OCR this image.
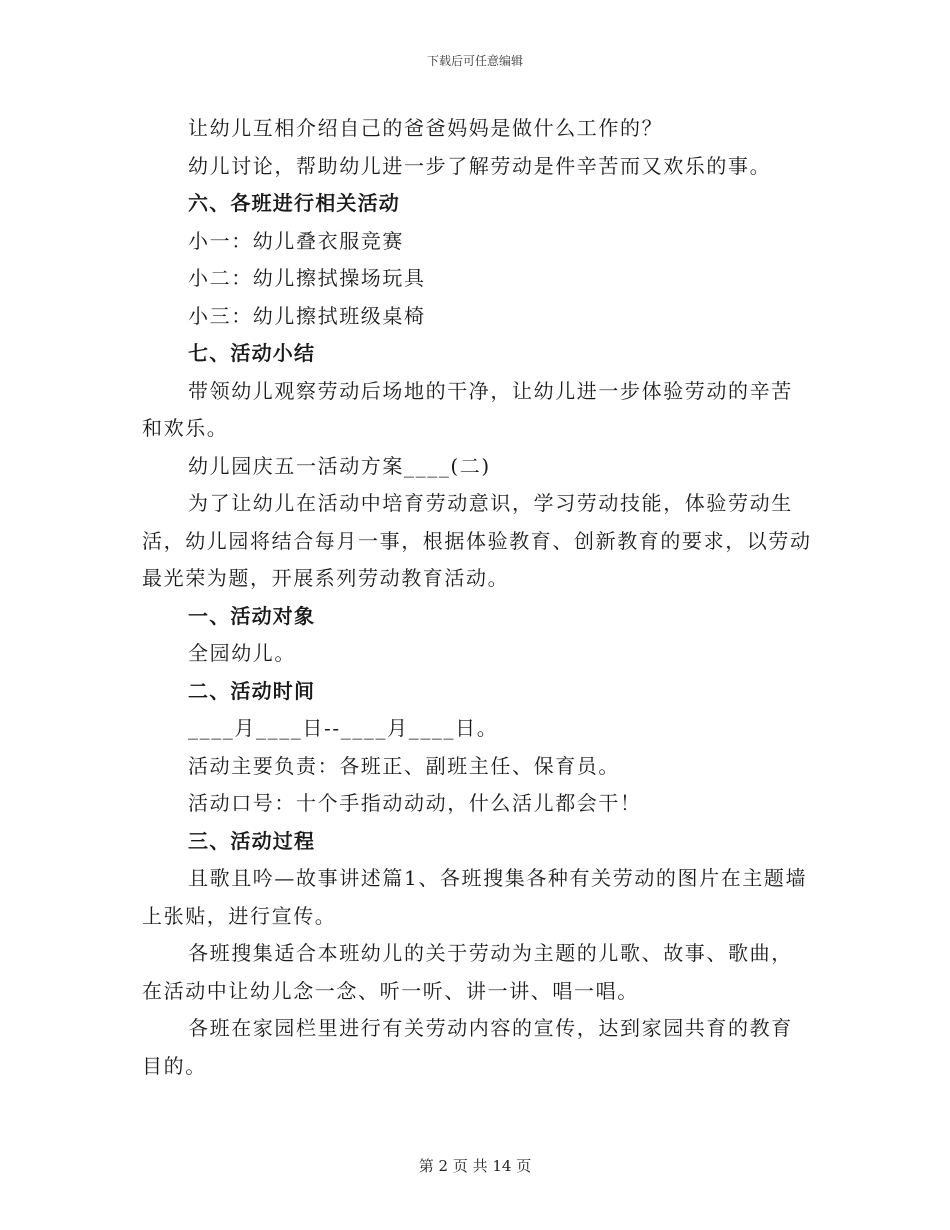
下载后可任意编辑

让幼儿互相介绍自己的爸爸妈妈是做什么工作的？

幼儿讨论，帮助幼儿进一步了解劳动是件辛苦而又欢乐的事。

六、各班进行相关活动

小一：幼儿叠衣服竞赛

小二：幼儿擦拭操场玩具

小三：幼儿擦拭班级桌椅

七、活动小结

带领幼儿观察劳动后场地的干净，让幼儿进一步体验劳动的辛苦和欢乐。

幼儿园庆五一活动方案____(二)

为了让幼儿在活动中培育劳动意识，学习劳动技能，体验劳动生活，幼儿园将结合每月一事，根据体验教育、创新教育的要求，以劳动最光荣为题，开展系列劳动教育活动。

一、活动对象

全园幼儿。

二、活动时间

____月____日--____月____日。

活动主要负责：各班正、副班主任、保育员。

活动口号：十个手指动动动，什么活儿都会干！

三、活动过程

且歌且吟—故事讲述篇1、各班搜集各种有关劳动的图片在主题墙上张贴，进行宣传。

各班搜集适合本班幼儿的关于劳动为主题的儿歌、故事、歌曲，在活动中让幼儿念一念、听一听、讲一讲、唱一唱。

各班在家园栏里进行有关劳动内容的宣传，达到家园共育的教育目的。

第 2 页 共 14 页
